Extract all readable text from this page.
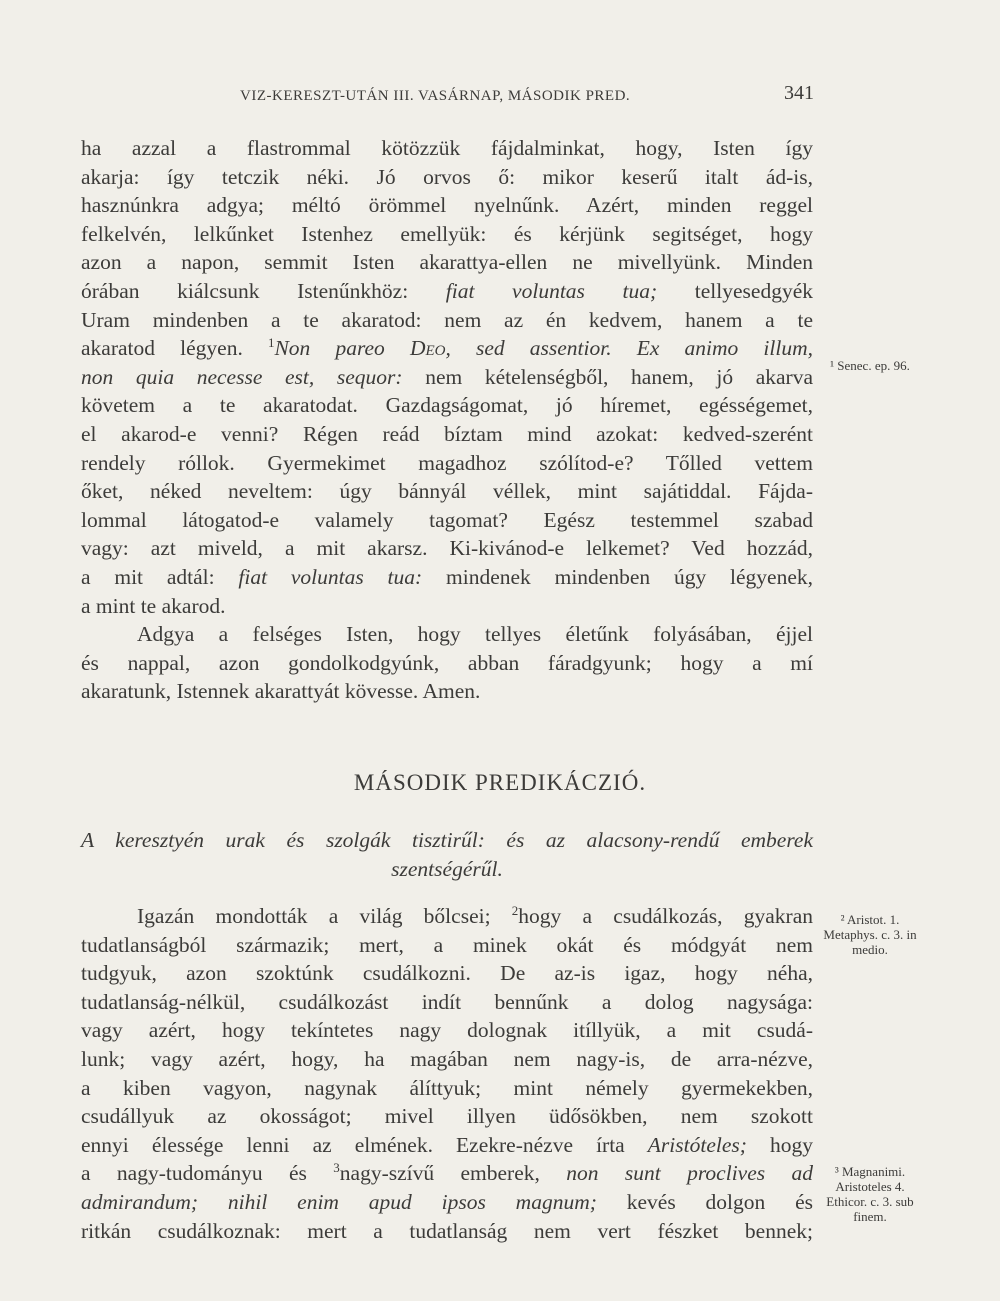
VIZ-KERESZT-UTÁN III. VASÁRNAP, MÁSODIK PRED.	341
ha azzal a flastrommal kötözzük fájdalminkat, hogy, Isten így
akarja: így tetczik néki. Jó orvos ő: mikor keserű italt ád-is,
hasznúnkra adgya; méltó örömmel nyelnűnk. Azért, minden reggel
felkelvén, lelkűnket Istenhez emellyük: és kérjünk segitséget, hogy
azon a napon, semmit Isten akarattya-ellen ne mivellyünk. Minden
órában kiálcsunk Istenűnkhöz: fiat voluntas tua; tellyesedgyék
Uram mindenben a te akaratod: nem az én kedvem, hanem a te
akaratod légyen. $^1$Non pareo Deo, sed assentior. Ex animo illum,
non quia necesse est, sequor: nem kételenségből, hanem, jó akarva
követem a te akaratodat. Gazdagságomat, jó híremet, egésségemet,
el akarod-e venni? Régen reád bíztam mind azokat: kedved-szerént
rendely róllok. Gyermekimet magadhoz szólítod-e? Tőlled vettem
őket, néked neveltem: úgy bánnyál véllek, mint sajátiddal. Fájda-
lommal látogatod-e valamely tagomat? Egész testemmel szabad
vagy: azt miveld, a mit akarsz. Ki-kivánod-e lelkemet? Ved hozzád,
a mit adtál: fiat voluntas tua: mindenek mindenben úgy légyenek,
a mint te akarod.
Adgya a felséges Isten, hogy tellyes életűnk folyásában, éjjel
és nappal, azon gondolkodgyúnk, abban fáradgyunk; hogy a mí
akaratunk, Istennek akarattyát kövesse. Amen.
MÁSODIK PREDIKÁCZIÓ.
A keresztyén urak és szolgák tisztirűl: és az alacsony-rendű emberek
szentségérűl.
Igazán mondották a világ bőlcsei; $^2$hogy a csudálkozás, gyakran
tudatlanságból származik; mert, a minek okát és módgyát nem
tudgyuk, azon szoktúnk csudálkozni. De az-is igaz, hogy néha,
tudatlanság-nélkül, csudálkozást indít bennűnk a dolog nagysága:
vagy azért, hogy tekíntetes nagy dolognak itíllyük, a mit csudá-
lunk; vagy azért, hogy, ha magában nem nagy-is, de arra-nézve,
a kiben vagyon, nagynak álíttyuk; mint némely gyermekekben,
csudállyuk az okosságot; mivel illyen üdősökben, nem szokott
ennyi élessége lenni az elmének. Ezekre-nézve írta Aristóteles; hogy
a nagy-tudományu és $^3$nagy-szívű emberek, non sunt proclives ad
admirandum; nihil enim apud ipsos magnum; kevés dolgon és
ritkán csudálkoznak: mert a tudatlanság nem vert fészket bennek;
¹ Senec. ep. 96.
² Aristot. 1. Metaphys. c. 3. in medio.
³ Magnanimi. Aristoteles 4. Ethicor. c. 3. sub finem.
